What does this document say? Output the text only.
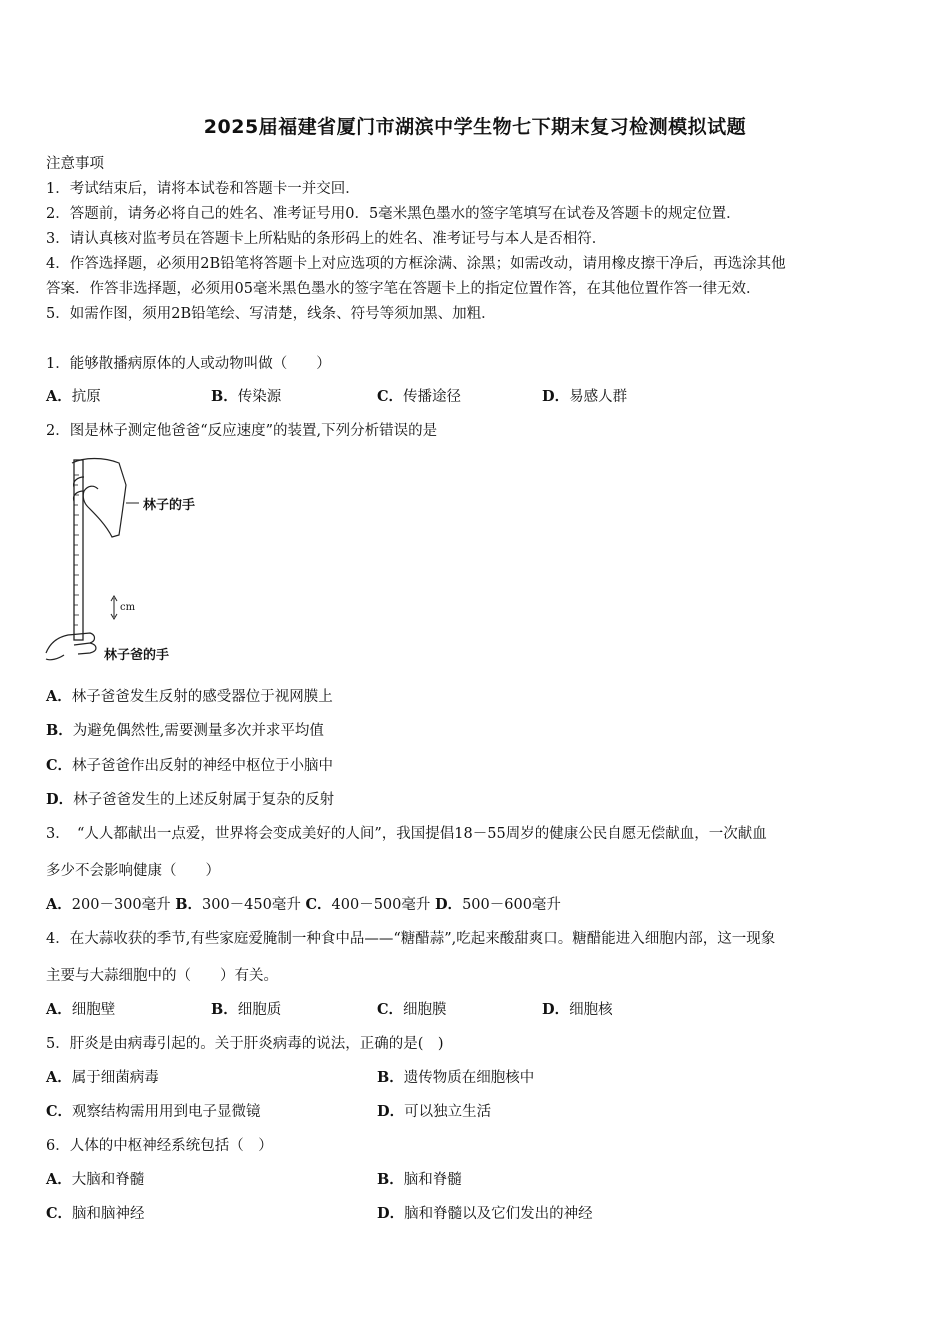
2025届福建省厦门市湖滨中学生物七下期末复习检测模拟试题
注意事项
1．考试结束后，请将本试卷和答题卡一并交回．
2．答题前，请务必将自己的姓名、准考证号用0．5毫米黑色墨水的签字笔填写在试卷及答题卡的规定位置．
3．请认真核对监考员在答题卡上所粘贴的条形码上的姓名、准考证号与本人是否相符．
4．作答选择题，必须用2B铅笔将答题卡上对应选项的方框涂满、涂黑；如需改动，请用橡皮擦干净后，再选涂其他
答案．作答非选择题，必须用05毫米黑色墨水的签字笔在答题卡上的指定位置作答，在其他位置作答一律无效．
5．如需作图，须用2B铅笔绘、写清楚，线条、符号等须加黑、加粗．
1．能够散播病原体的人或动物叫做（　　）
A．抗原	B．传染源	C．传播途径	D．易感人群
2．图是林子测定他爸爸“反应速度”的装置,下列分析错误的是
林子的手
cm
林子爸的手
A．林子爸爸发生反射的感受器位于视网膜上
B．为避免偶然性,需要测量多次并求平均值
C．林子爸爸作出反射的神经中枢位于小脑中
D．林子爸爸发生的上述反射属于复杂的反射
3．　“人人都献出一点爱，世界将会变成美好的人间”，我国提倡18－55周岁的健康公民自愿无偿献血，一次献血
多少不会影响健康（　　）
A．200－300毫升 B．300－450毫升 C．400－500毫升 D．500－600毫升
4．在大蒜收获的季节,有些家庭爱腌制一种食中品——“糖醋蒜”,吃起来酸甜爽口。糖醋能进入细胞内部，这一现象
主要与大蒜细胞中的（　　）有关。
A．细胞壁	B．细胞质	C．细胞膜	D．细胞核
5．肝炎是由病毒引起的。关于肝炎病毒的说法，正确的是(　)
A．属于细菌病毒	B．遗传物质在细胞核中
C．观察结构需用用到电子显微镜	D．可以独立生活
6．人体的中枢神经系统包括（　）
A．大脑和脊髓	B．脑和脊髓
C．脑和脑神经	D．脑和脊髓以及它们发出的神经
